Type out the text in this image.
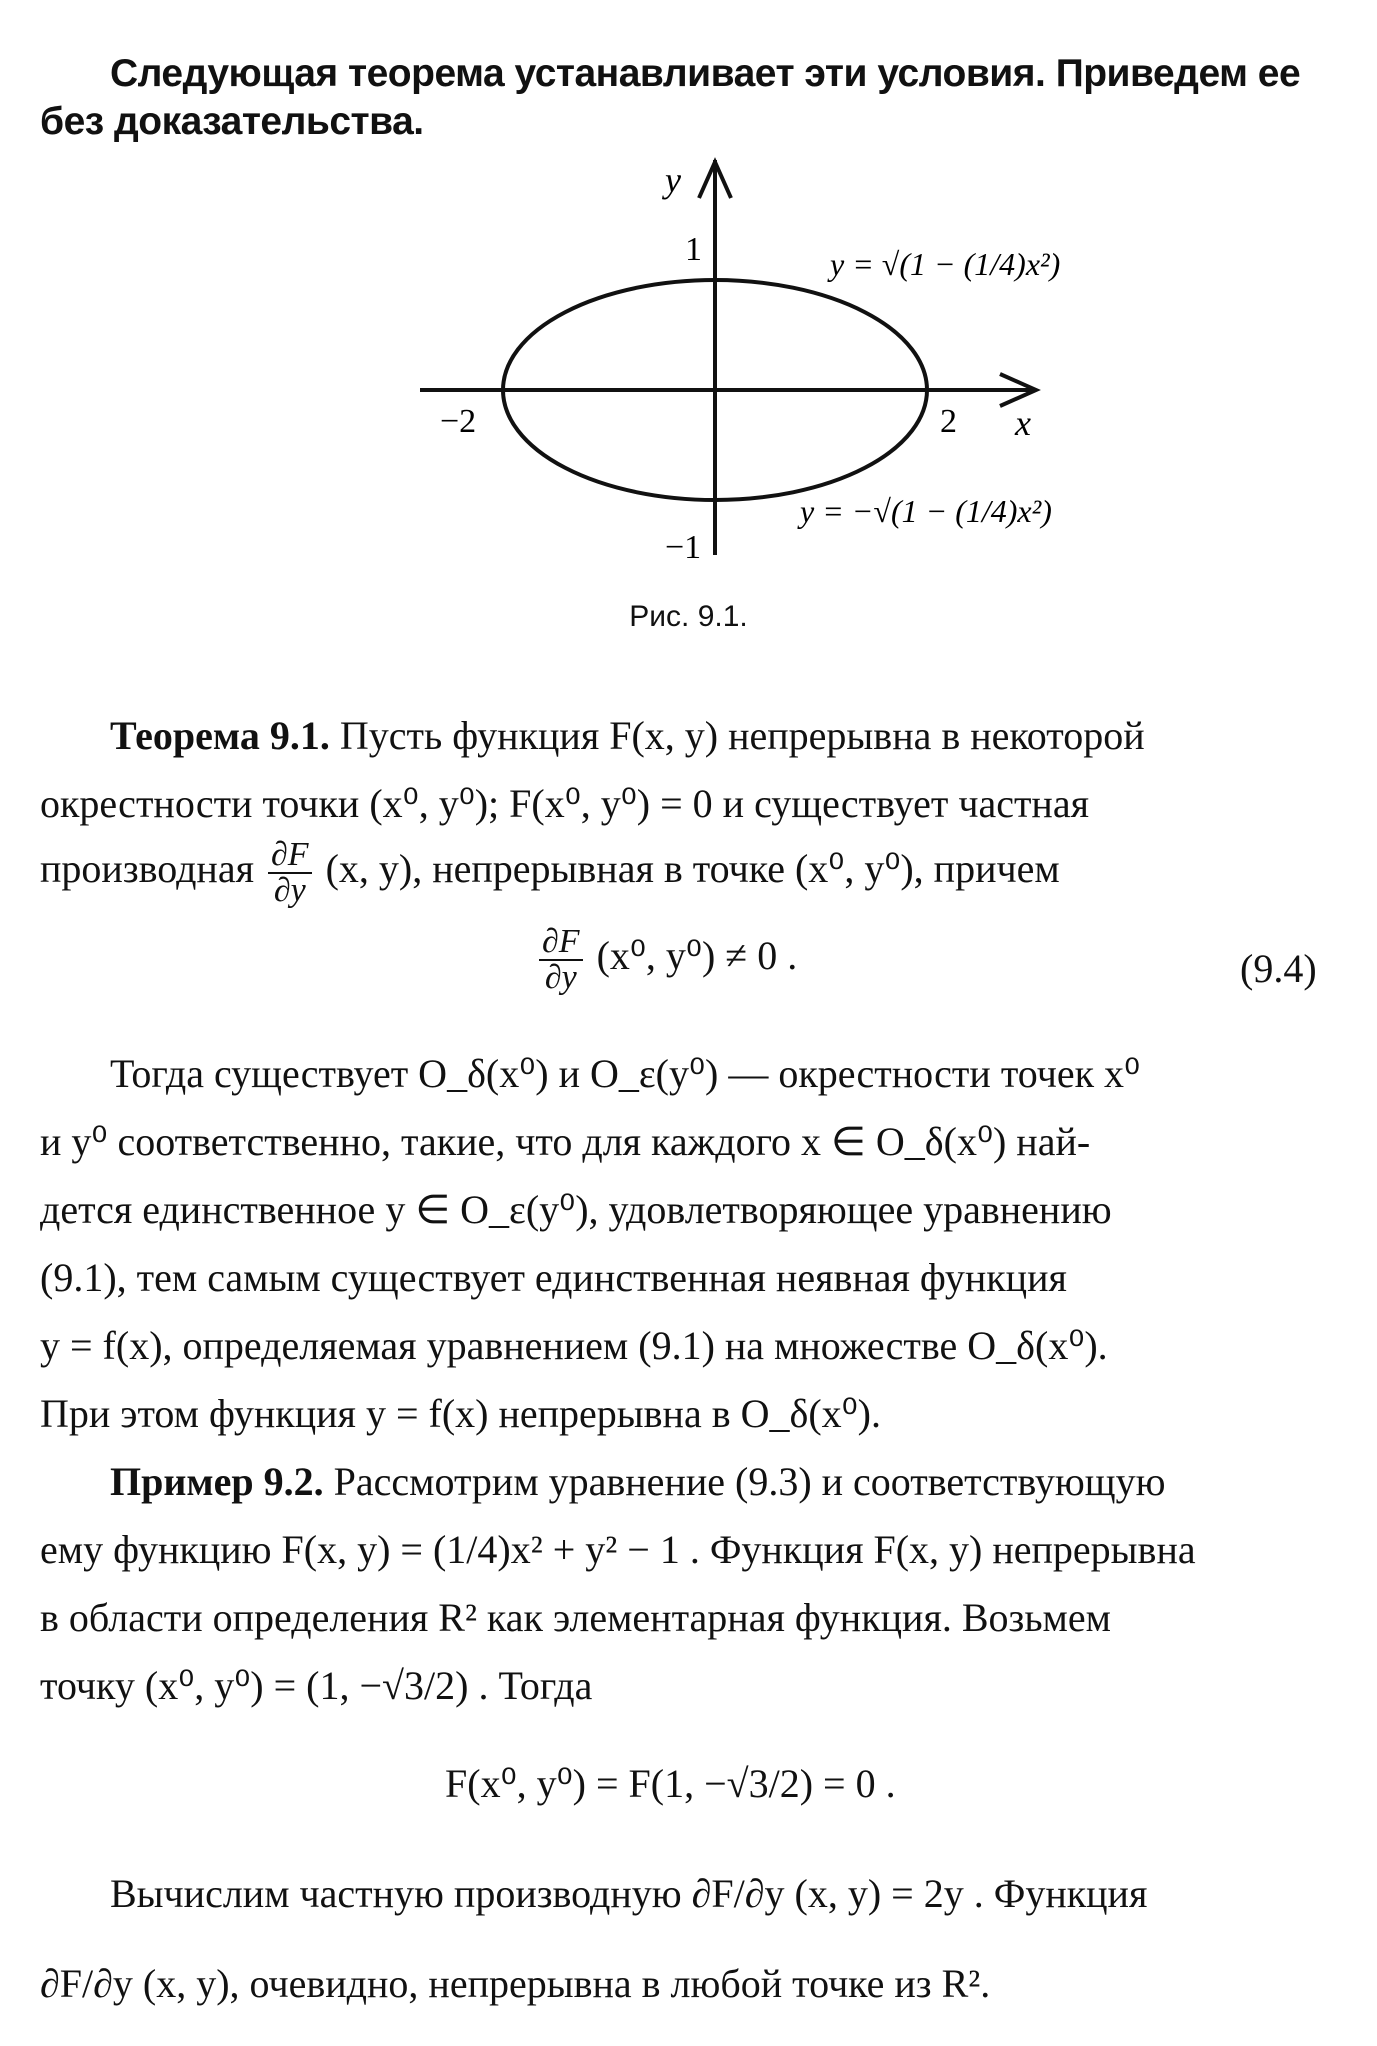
Следующая теорема устанавливает эти условия. Приведем ее
без доказательства.
y
x
1
−1
−2	2
y = √(1 − (1/4)x²)
y = −√(1 − (1/4)x²)
Рис. 9.1.
Теорема 9.1. Пусть функция F(x, y) непрерывна в некоторой
окрестности точки (x⁰, y⁰); F(x⁰, y⁰) = 0 и существует частная
производная $\frac{\partial F}{\partial y} (x$, y), непрерывная в точке (x⁰, y⁰), причем
$\frac{\partial F}{\partial y} (x^0$, y⁰) ≠ 0 .	(9.4)
Тогда существует O_δ(x⁰) и O_ε(y⁰) — окрестности точек x⁰
и y⁰ соответственно, такие, что для каждого x ∈ O_δ(x⁰) най-
дется единственное y ∈ O_ε(y⁰), удовлетворяющее уравнению
(9.1), тем самым существует единственная неявная функция
y = f(x), определяемая уравнением (9.1) на множестве O_δ(x⁰).
При этом функция y = f(x) непрерывна в O_δ(x⁰).
Пример 9.2. Рассмотрим уравнение (9.3) и соответствующую
ему функцию F(x, y) = (1/4)x² + y² − 1 . Функция F(x, y) непрерывна
в области определения R² как элементарная функция. Возьмем
точку (x⁰, y⁰) = (1, −√3/2) . Тогда
F(x⁰, y⁰) = F(1, −√3/2) = 0 .
Вычислим частную производную ∂F/∂y (x, y) = 2y . Функция
∂F/∂y (x, y), очевидно, непрерывна в любой точке из R².
